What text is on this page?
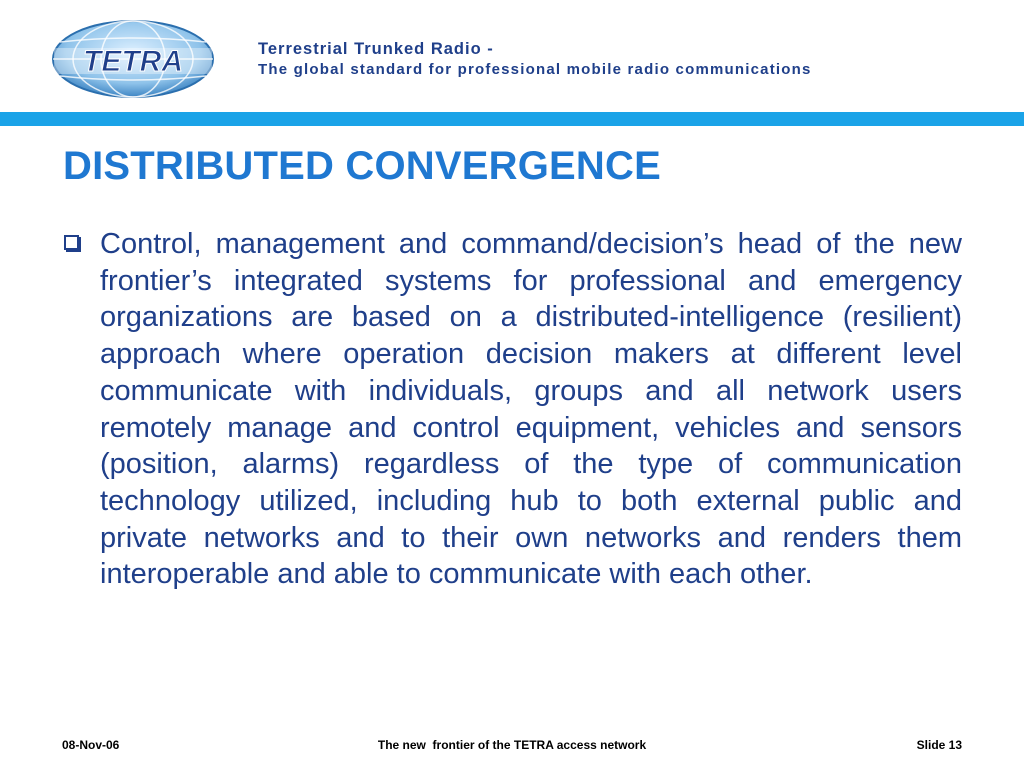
TETRA	Terrestrial Trunked Radio -
The global standard for professional mobile radio communications
DISTRIBUTED CONVERGENCE

Control, management and command/decision’s head of the new frontier’s integrated systems for professional and emergency organizations are based on a distributed-intelligence (resilient) approach where operation decision makers at different level communicate with individuals, groups and all network users remotely manage and control equipment, vehicles and sensors (position, alarms) regardless of the type of communication technology utilized, including hub to both external public and private networks and to their own networks and renders them interoperable and able to communicate with each other.

08-Nov-06	The new  frontier of the TETRA access network	Slide 13
